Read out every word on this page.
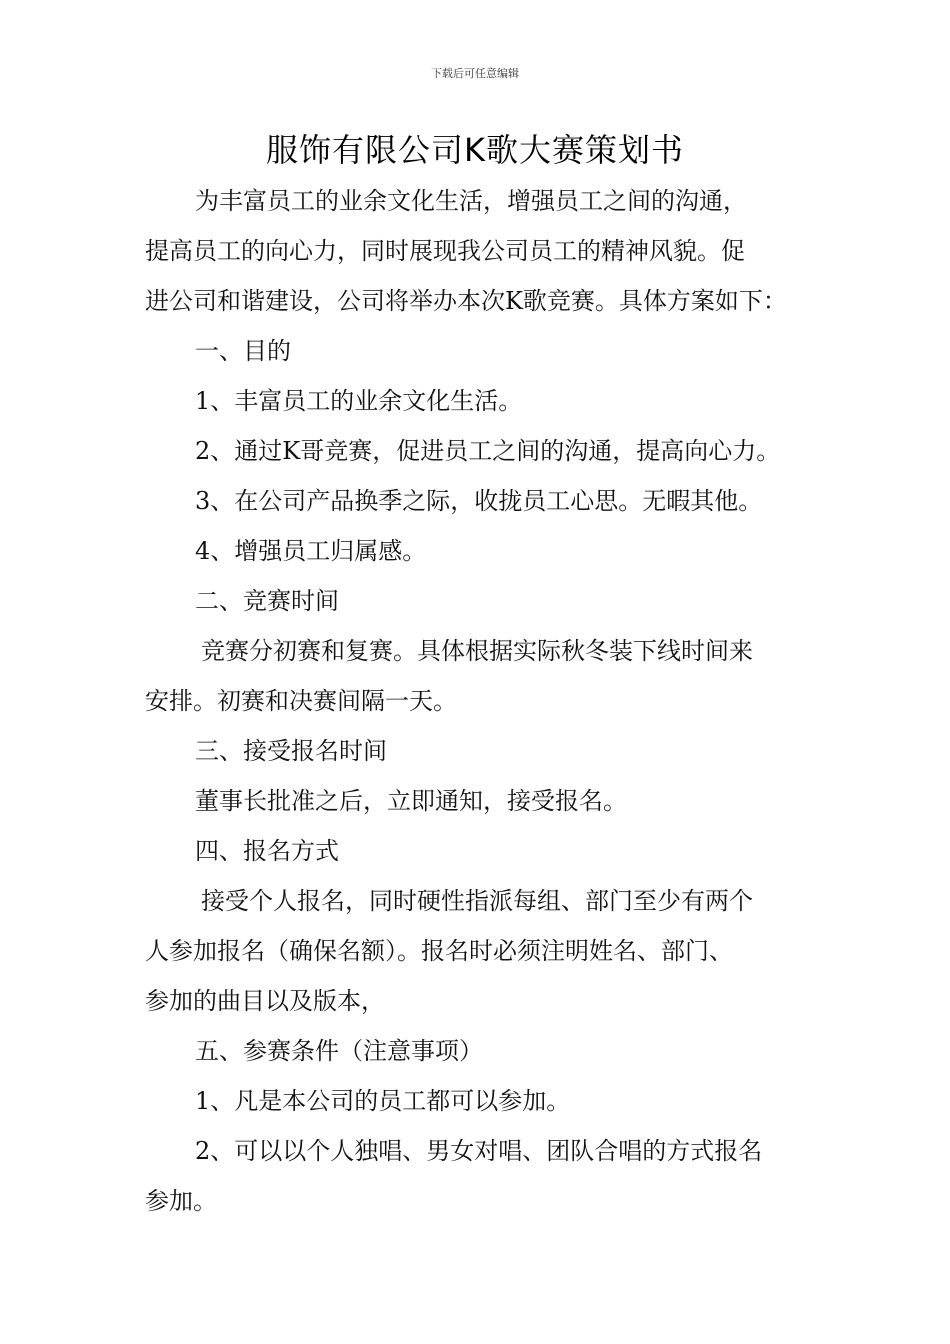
下载后可任意编辑
服饰有限公司K歌大赛策划书

为丰富员工的业余文化生活，增强员工之间的沟通，

提高员工的向心力，同时展现我公司员工的精神风貌。促

进公司和谐建设，公司将举办本次K歌竞赛。具体方案如下：

一、目的

1、丰富员工的业余文化生活。

2、通过K哥竞赛，促进员工之间的沟通，提高向心力。

3、在公司产品换季之际，收拢员工心思。无暇其他。

4、增强员工归属感。

二、竞赛时间

竞赛分初赛和复赛。具体根据实际秋冬装下线时间来

安排。初赛和决赛间隔一天。

三、接受报名时间

董事长批准之后，立即通知，接受报名。

四、报名方式

接受个人报名，同时硬性指派每组、部门至少有两个

人参加报名（确保名额）。报名时必须注明姓名、部门、

参加的曲目以及版本，

五、参赛条件（注意事项）

1、凡是本公司的员工都可以参加。

2、可以以个人独唱、男女对唱、团队合唱的方式报名

参加。
